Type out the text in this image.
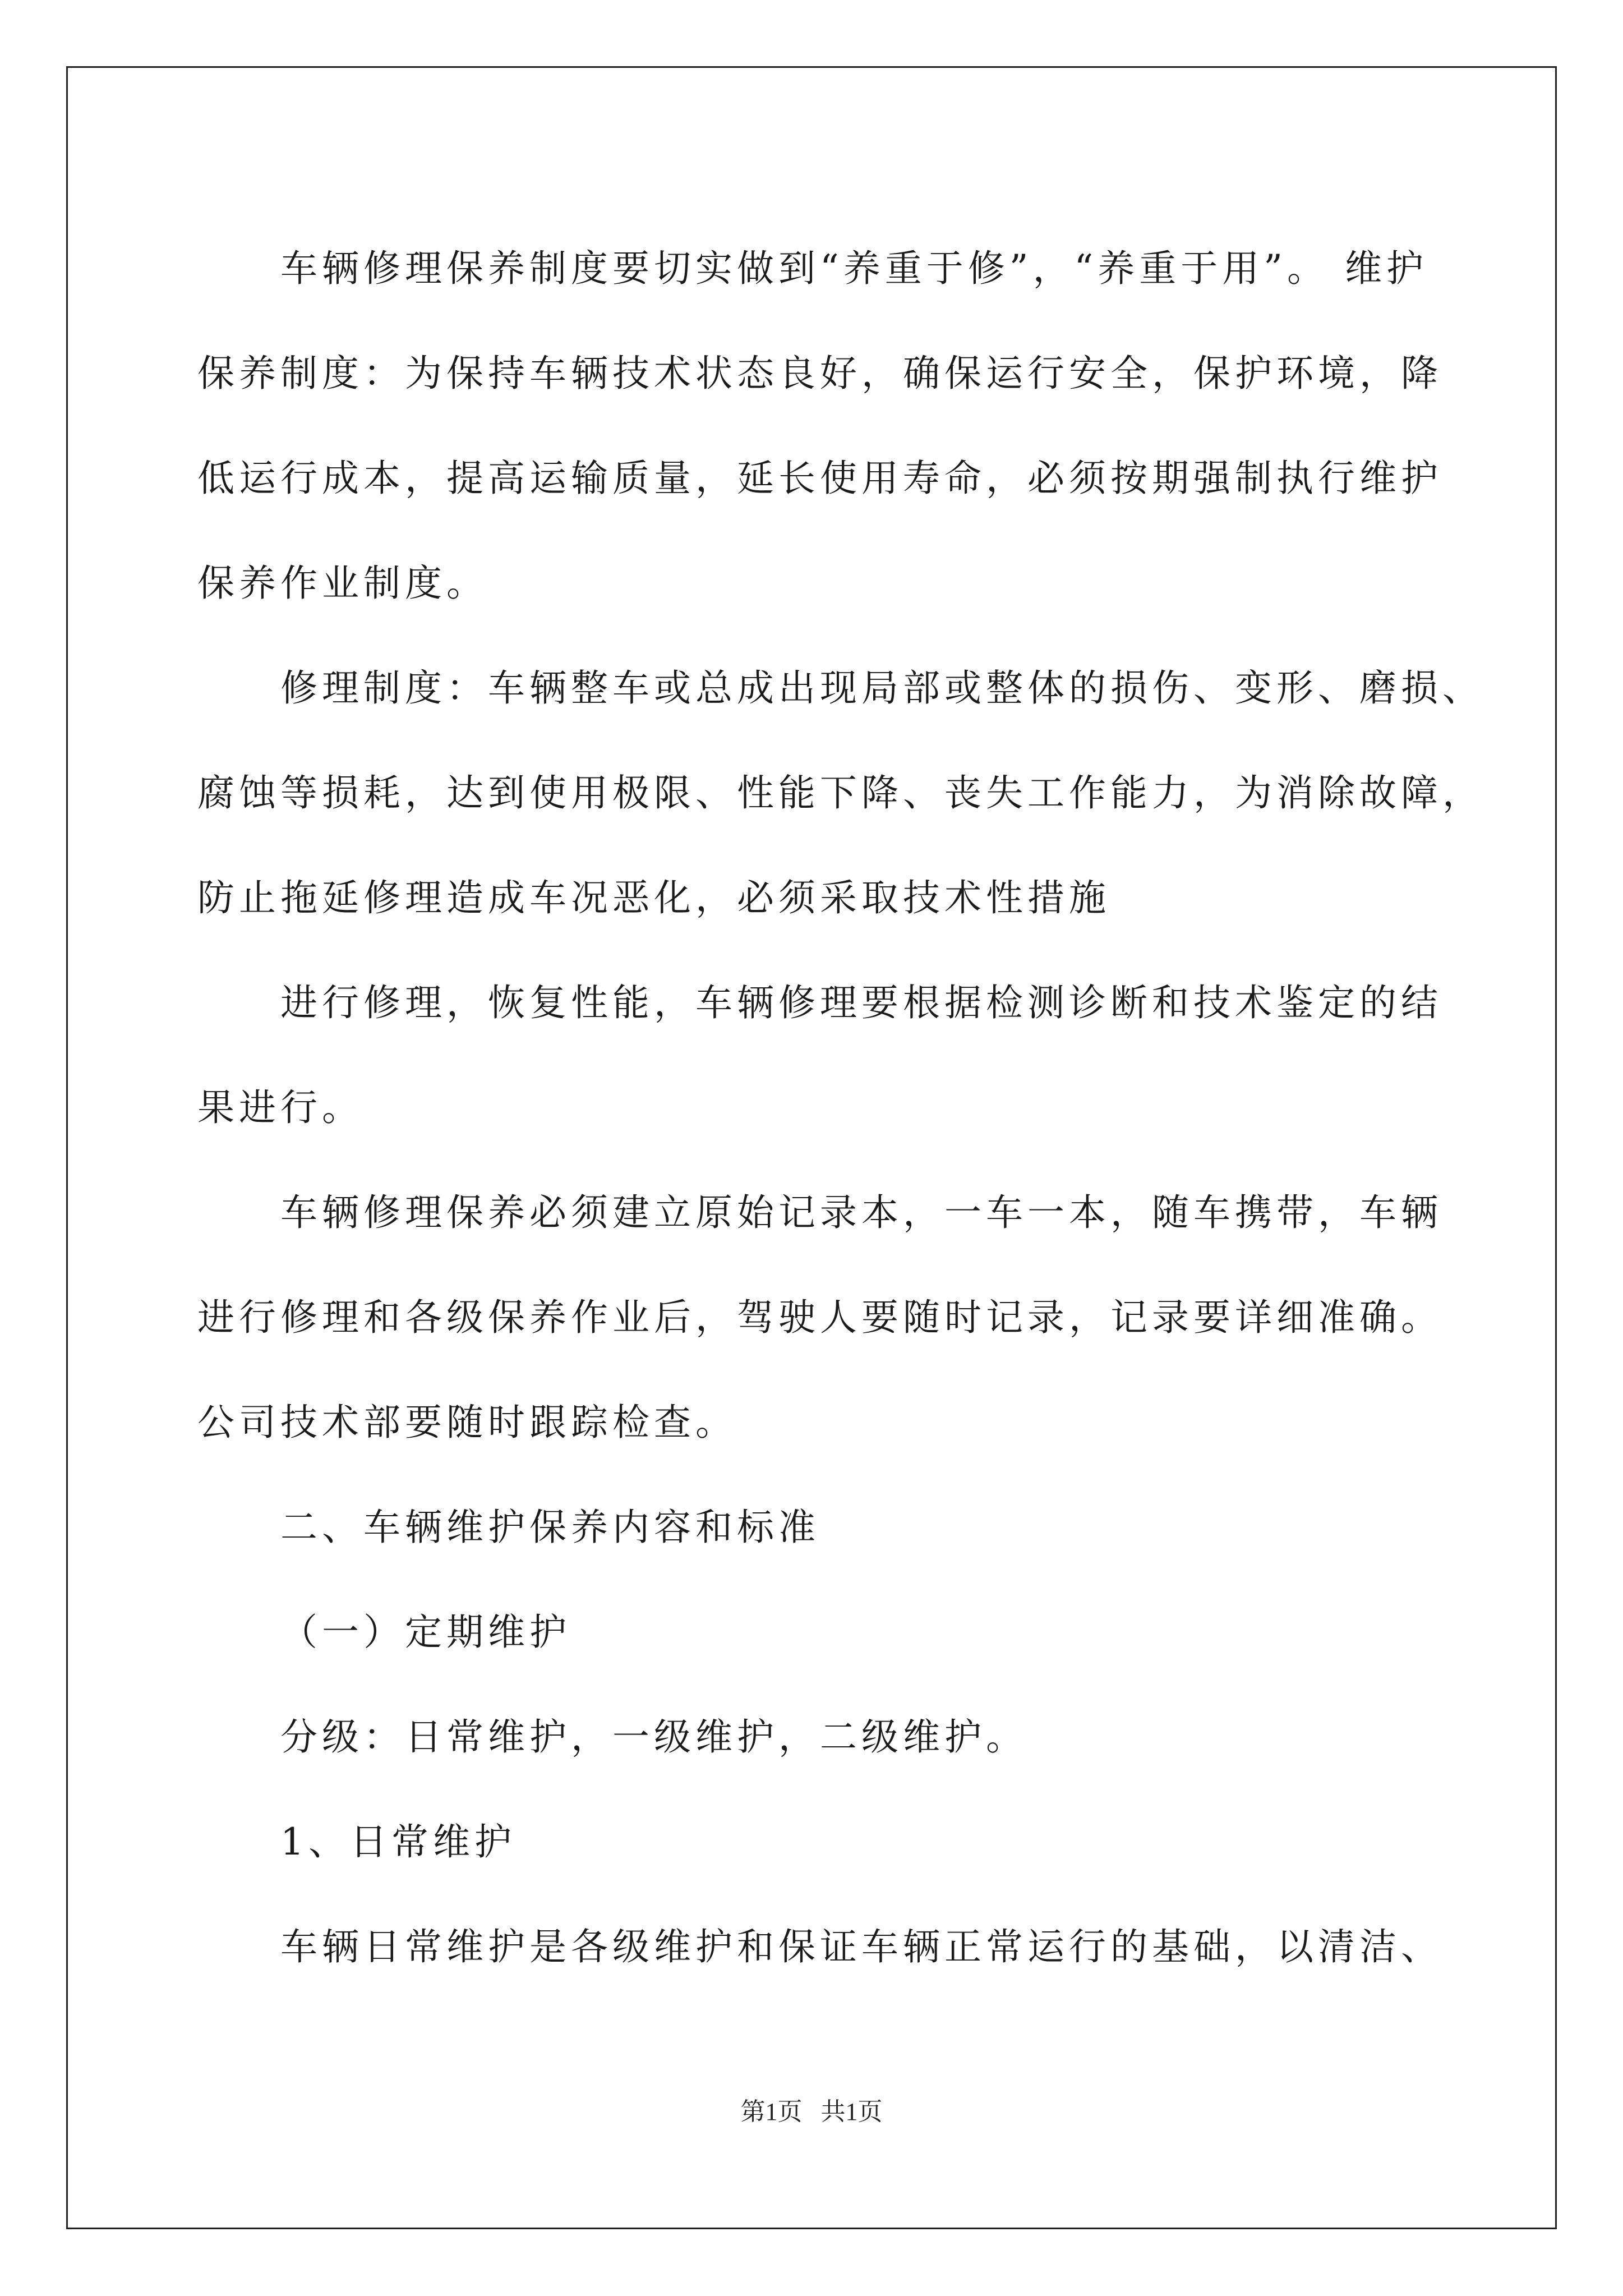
车辆修理保养制度要切实做到“养重于修”，“养重于用”。 维护
保养制度：为保持车辆技术状态良好，确保运行安全，保护环境，降
低运行成本，提高运输质量，延长使用寿命，必须按期强制执行维护
保养作业制度。
修理制度：车辆整车或总成出现局部或整体的损伤、变形、磨损、
腐蚀等损耗，达到使用极限、性能下降、丧失工作能力，为消除故障，
防止拖延修理造成车况恶化，必须采取技术性措施
进行修理，恢复性能，车辆修理要根据检测诊断和技术鉴定的结
果进行。
车辆修理保养必须建立原始记录本，一车一本，随车携带，车辆
进行修理和各级保养作业后，驾驶人要随时记录，记录要详细准确。
公司技术部要随时跟踪检查。
二、车辆维护保养内容和标准
（一）定期维护
分级：日常维护，一级维护，二级维护。
1、日常维护
车辆日常维护是各级维护和保证车辆正常运行的基础，以清洁、
第1页   共1页
